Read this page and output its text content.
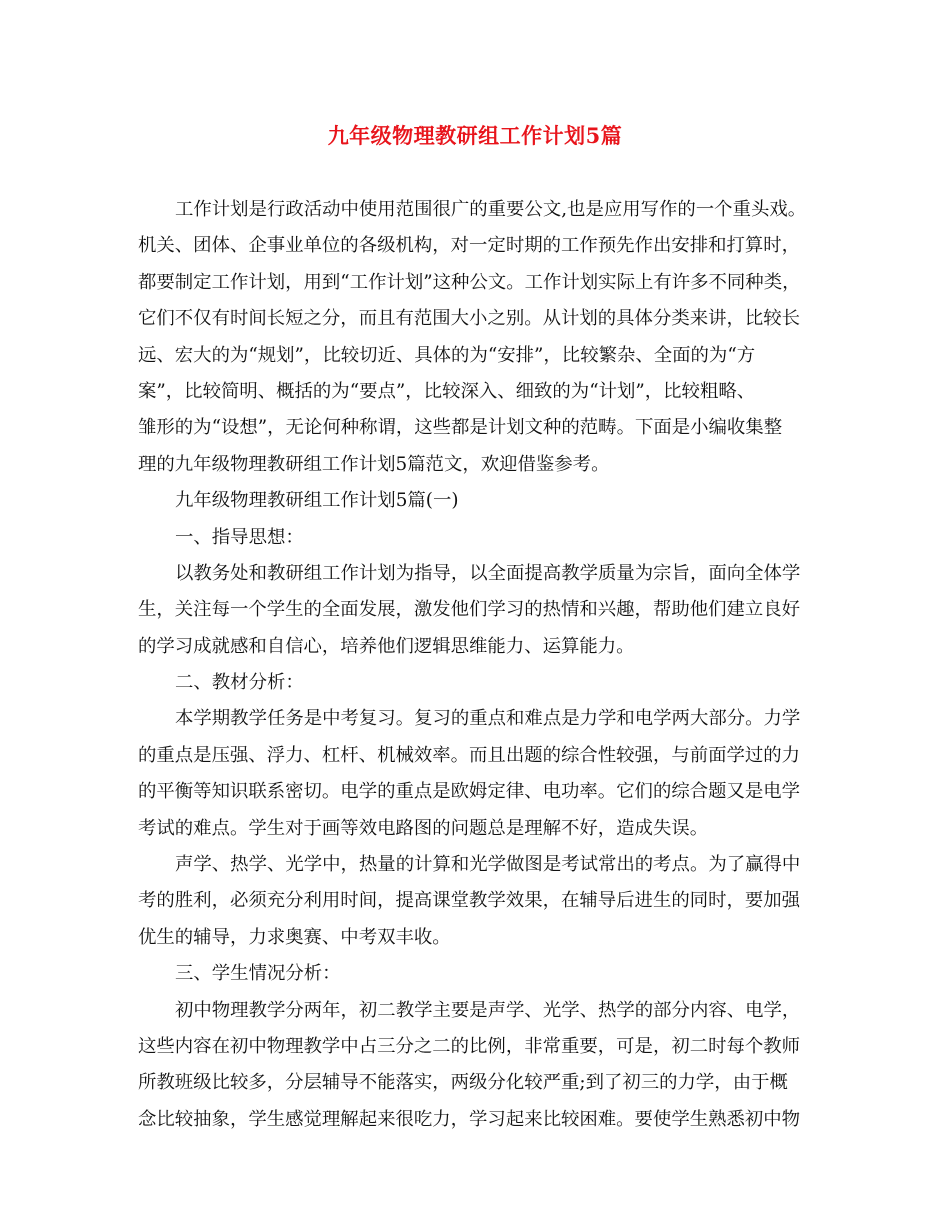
九年级物理教研组工作计划5篇
工作计划是行政活动中使用范围很广的重要公文,也是应用写作的一个重头戏。
机关、团体、企事业单位的各级机构，对一定时期的工作预先作出安排和打算时，
都要制定工作计划，用到“工作计划”这种公文。工作计划实际上有许多不同种类，
它们不仅有时间长短之分，而且有范围大小之别。从计划的具体分类来讲，比较长
远、宏大的为“规划”，比较切近、具体的为“安排”，比较繁杂、全面的为“方
案”，比较简明、概括的为“要点”，比较深入、细致的为“计划”，比较粗略、
雏形的为“设想”，无论何种称谓，这些都是计划文种的范畴。下面是小编收集整
理的九年级物理教研组工作计划5篇范文，欢迎借鉴参考。
九年级物理教研组工作计划5篇(一)
一、指导思想：
以教务处和教研组工作计划为指导，以全面提高教学质量为宗旨，面向全体学
生，关注每一个学生的全面发展，激发他们学习的热情和兴趣，帮助他们建立良好
的学习成就感和自信心，培养他们逻辑思维能力、运算能力。
二、教材分析：
本学期教学任务是中考复习。复习的重点和难点是力学和电学两大部分。力学
的重点是压强、浮力、杠杆、机械效率。而且出题的综合性较强，与前面学过的力
的平衡等知识联系密切。电学的重点是欧姆定律、电功率。它们的综合题又是电学
考试的难点。学生对于画等效电路图的问题总是理解不好，造成失误。
声学、热学、光学中，热量的计算和光学做图是考试常出的考点。为了赢得中
考的胜利，必须充分利用时间，提高课堂教学效果，在辅导后进生的同时，要加强
优生的辅导，力求奥赛、中考双丰收。
三、学生情况分析：
初中物理教学分两年，初二教学主要是声学、光学、热学的部分内容、电学，
这些内容在初中物理教学中占三分之二的比例，非常重要，可是，初二时每个教师
所教班级比较多，分层辅导不能落实，两级分化较严重;到了初三的力学，由于概
念比较抽象，学生感觉理解起来很吃力，学习起来比较困难。要使学生熟悉初中物
